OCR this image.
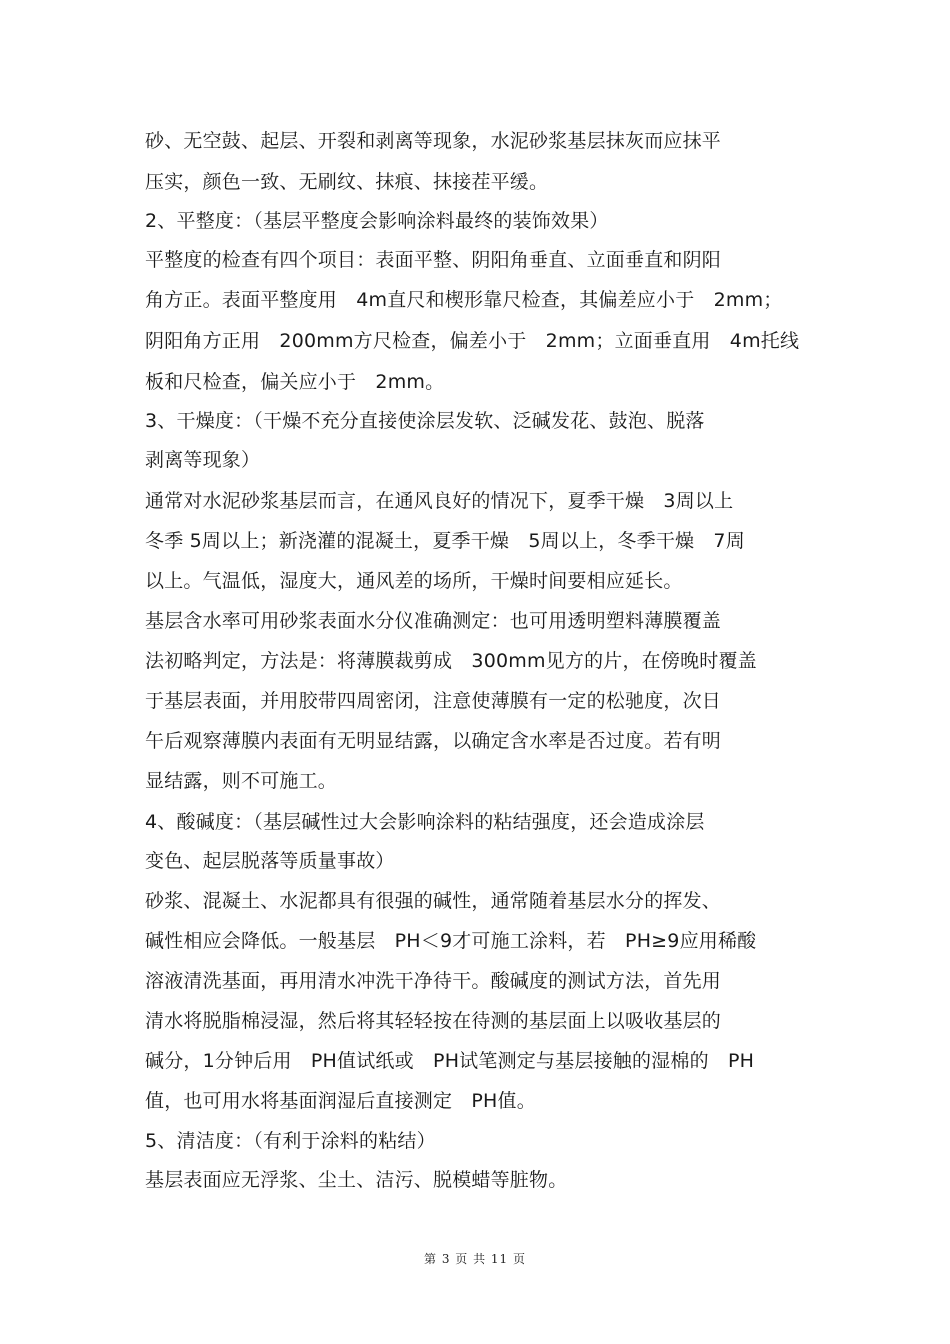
砂、无空鼓、起层、开裂和剥离等现象，水泥砂浆基层抹灰而应抹平
压实，颜色一致、无刷纹、抹痕、抹接茬平缓。
2、平整度：（基层平整度会影响涂料最终的装饰效果）
平整度的检查有四个项目：表面平整、阴阳角垂直、立面垂直和阴阳
角方正。表面平整度用　4m直尺和楔形靠尺检查，其偏差应小于　2mm；
阴阳角方正用　200mm方尺检查，偏差小于　2mm；立面垂直用　4m托线
板和尺检查，偏关应小于　2mm。
3、干燥度：（干燥不充分直接使涂层发软、泛碱发花、鼓泡、脱落
剥离等现象）
通常对水泥砂浆基层而言，在通风良好的情况下，夏季干燥　3周以上
冬季 5周以上；新浇灌的混凝土，夏季干燥　5周以上，冬季干燥　7周
以上。气温低，湿度大，通风差的场所，干燥时间要相应延长。
基层含水率可用砂浆表面水分仪准确测定：也可用透明塑料薄膜覆盖
法初略判定，方法是：将薄膜裁剪成　300mm见方的片，在傍晚时覆盖
于基层表面，并用胶带四周密闭，注意使薄膜有一定的松驰度，次日
午后观察薄膜内表面有无明显结露，以确定含水率是否过度。若有明
显结露，则不可施工。
4、酸碱度：（基层碱性过大会影响涂料的粘结强度，还会造成涂层
变色、起层脱落等质量事故）
砂浆、混凝土、水泥都具有很强的碱性，通常随着基层水分的挥发、
碱性相应会降低。一般基层　PH＜9才可施工涂料，若　PH≥9应用稀酸
溶液清洗基面，再用清水冲洗干净待干。酸碱度的测试方法，首先用
清水将脱脂棉浸湿，然后将其轻轻按在待测的基层面上以吸收基层的
碱分，1分钟后用　PH值试纸或　PH试笔测定与基层接触的湿棉的　PH
值，也可用水将基面润湿后直接测定　PH值。
5、清洁度：（有利于涂料的粘结）
基层表面应无浮浆、尘土、洁污、脱模蜡等脏物。
第 3 页 共 11 页
